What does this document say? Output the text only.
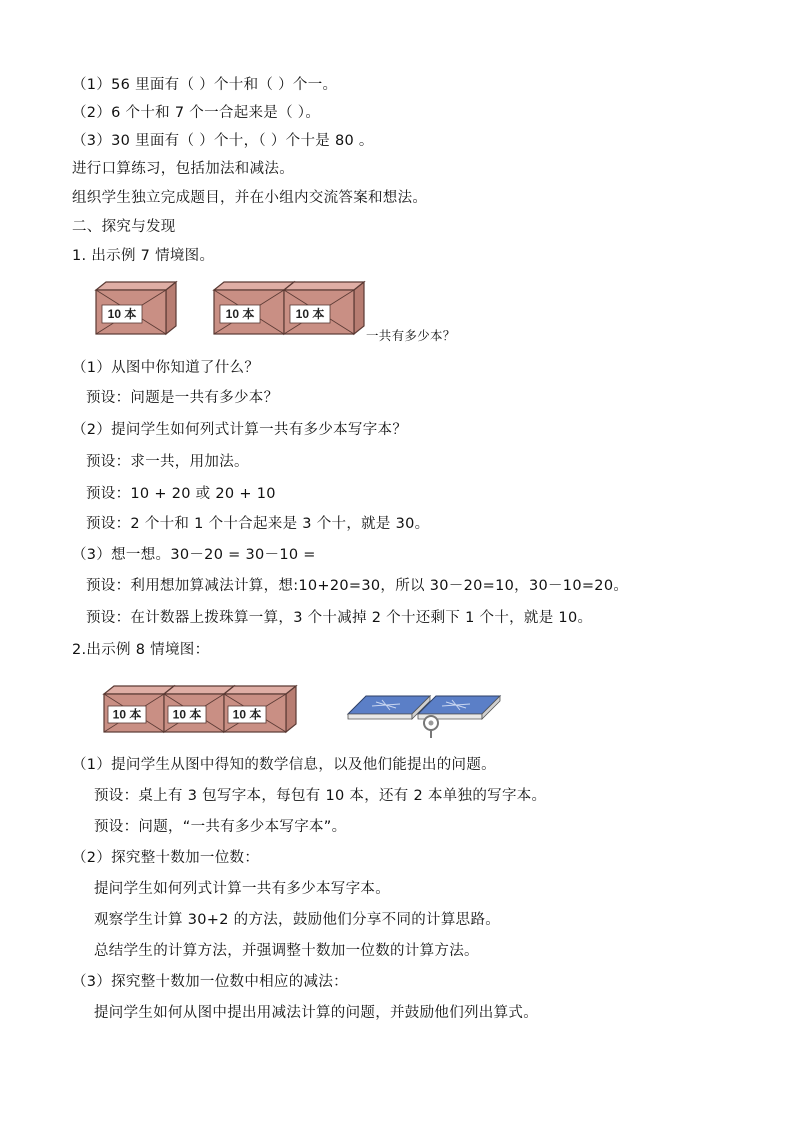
（1）56 里面有（ ）个十和（ ）个一。
（2）6 个十和 7 个一合起来是（ ）。
（3）30 里面有（ ）个十，（ ）个十是 80 。
进行口算练习，包括加法和减法。
组织学生独立完成题目，并在小组内交流答案和想法。
二、探究与发现
1. 出示例 7 情境图。
10 本	10 本	10 本
一共有多少本？
（1）从图中你知道了什么？
预设：问题是一共有多少本？
（2）提问学生如何列式计算一共有多少本写字本？
预设：求一共，用加法。
预设：10 + 20 或 20 + 10
预设：2 个十和 1 个十合起来是 3 个十，就是 30。
（3）想一想。30－20 = 30－10 =
预设：利用想加算减法计算，想:10+20=30，所以 30－20=10，30－10=20。
预设：在计数器上拨珠算一算，3 个十减掉 2 个十还剩下 1 个十，就是 10。
2.出示例 8 情境图：
10 本	10 本	10 本
（1）提问学生从图中得知的数学信息，以及他们能提出的问题。
预设：桌上有 3 包写字本，每包有 10 本，还有 2 本单独的写字本。
预设：问题，“一共有多少本写字本”。
（2）探究整十数加一位数：
提问学生如何列式计算一共有多少本写字本。
观察学生计算 30+2 的方法，鼓励他们分享不同的计算思路。
总结学生的计算方法，并强调整十数加一位数的计算方法。
（3）探究整十数加一位数中相应的减法：
提问学生如何从图中提出用减法计算的问题，并鼓励他们列出算式。
